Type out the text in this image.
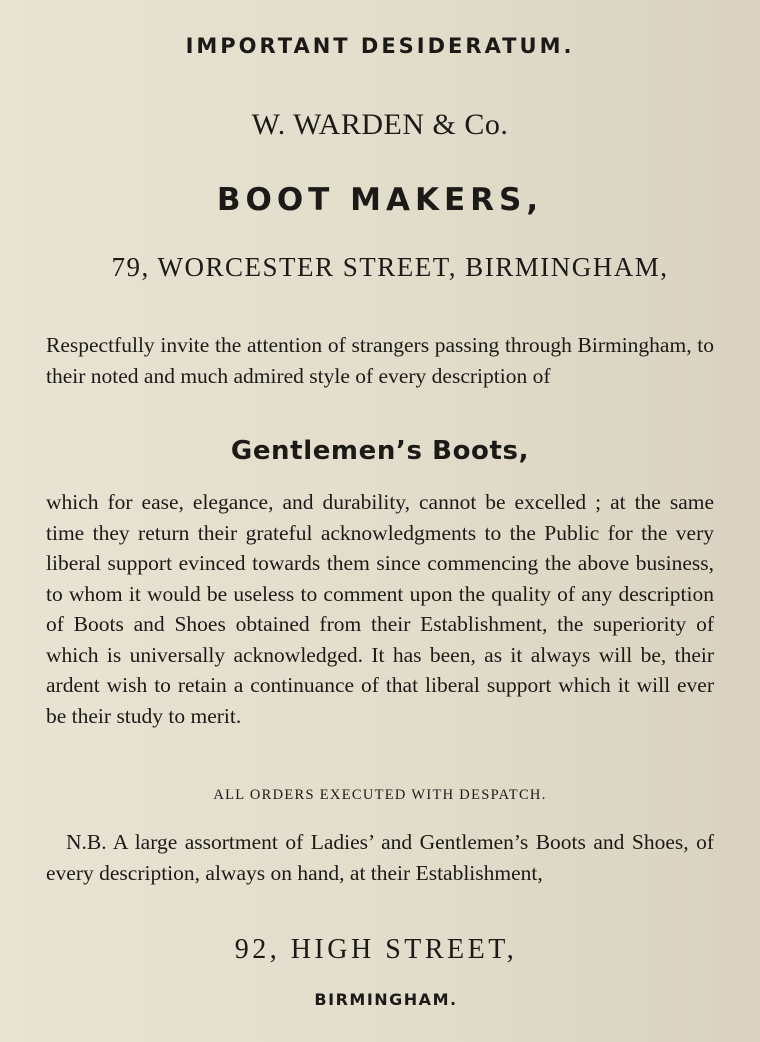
IMPORTANT DESIDERATUM.
W. WARDEN & Co.
BOOT MAKERS,
79, WORCESTER STREET, BIRMINGHAM,
Respectfully invite the attention of strangers passing through Birmingham, to their noted and much admired style of every description of
Gentlemen’s Boots,
which for ease, elegance, and durability, cannot be excelled ; at the same time they return their grateful acknowledgments to the Public for the very liberal support evinced towards them since commencing the above business, to whom it would be useless to comment upon the quality of any description of Boots and Shoes obtained from their Establishment, the superiority of which is universally acknowledged. It has been, as it always will be, their ardent wish to retain a continuance of that liberal support which it will ever be their study to merit.
ALL ORDERS EXECUTED WITH DESPATCH.
N.B. A large assortment of Ladies’ and Gentlemen’s Boots and Shoes, of every description, always on hand, at their Establishment,
92, HIGH STREET,
BIRMINGHAM.
